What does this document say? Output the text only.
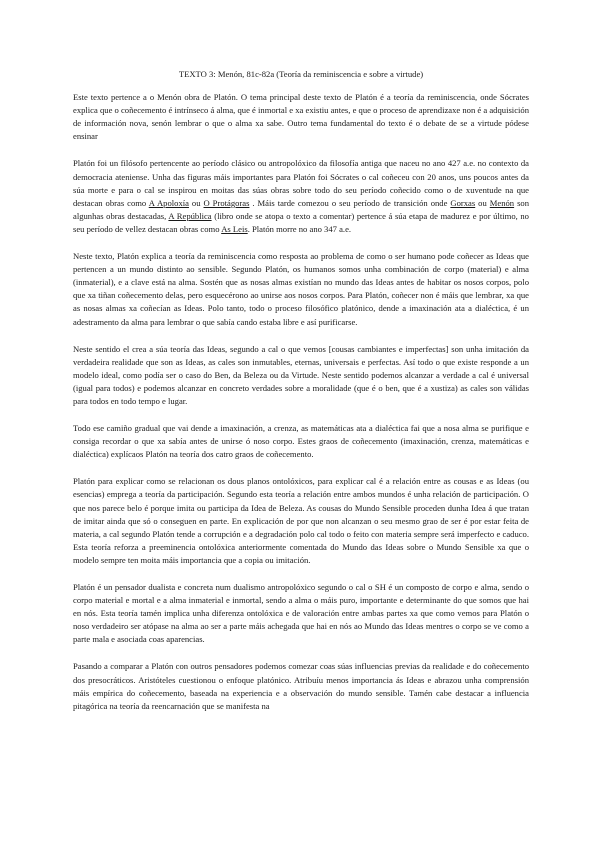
TEXTO 3: Menón, 81c-82a (Teoría da reminiscencia e sobre a virtude)

Este texto pertence a o Menón obra de Platón. O tema principal deste texto de Platón é a teoría da reminiscencia, onde Sócrates explica que o coñecemento é intrínseco á alma, que é inmortal e xa existiu antes, e que o proceso de aprendizaxe non é a adquisición de información nova, senón lembrar o que o alma xa sabe. Outro tema fundamental do texto é o debate de se a virtude pódese ensinar

Platón foi un filósofo pertencente ao período clásico ou antropolóxico da filosofía antiga que naceu no ano 427 a.e. no contexto da democracia ateniense. Unha das figuras máis importantes para Platón foi Sócrates o cal coñeceu con 20 anos, uns poucos antes da súa morte e para o cal se inspirou en moitas das súas obras sobre todo do seu período coñecido como o de xuventude na que destacan obras como A Apoloxía ou O Protágoras . Máis tarde comezou o seu período de transición onde Gorxas ou Menón son algunhas obras destacadas, A República (libro onde se atopa o texto a comentar) pertence á súa etapa de madurez e por último, no seu período de vellez destacan obras como As Leis. Platón morre no ano 347 a.e.

Neste texto, Platón explica a teoría da reminiscencia como resposta ao problema de como o ser humano pode coñecer as Ideas que pertencen a un mundo distinto ao sensible. Segundo Platón, os humanos somos unha combinación de corpo (material) e alma (inmaterial), e a clave está na alma. Sostén que as nosas almas existían no mundo das Ideas antes de habitar os nosos corpos, polo que xa tiñan coñecemento delas, pero esquecérono ao unirse aos nosos corpos. Para Platón, coñecer non é máis que lembrar, xa que as nosas almas xa coñecían as Ideas. Polo tanto, todo o proceso filosófico platónico, dende a imaxinación ata a dialéctica, é un adestramento da alma para lembrar o que sabía cando estaba libre e así purificarse.

Neste sentido el crea a súa teoría das Ideas, segundo a cal o que vemos [cousas cambiantes e imperfectas] son unha imitación da verdadeira realidade que son as Ideas, as cales son inmutables, eternas, universais e perfectas. Así todo o que existe responde a un modelo ideal, como podía ser o caso do Ben, da Beleza ou da Virtude. Neste sentido podemos alcanzar a verdade a cal é universal (igual para todos) e podemos alcanzar en concreto verdades sobre a moralidade (que é o ben, que é a xustiza) as cales son válidas para todos en todo tempo e lugar.

Todo ese camiño gradual que vai dende a imaxinación, a crenza, as matemáticas ata a dialéctica fai que a nosa alma se purifique e consiga recordar o que xa sabía antes de unirse ó noso corpo. Estes graos de coñecemento (imaxinación, crenza, matemáticas e dialéctica) explícaos Platón na teoría dos catro graos de coñecemento.

Platón para explicar como se relacionan os dous planos ontolóxicos, para explicar cal é a relación entre as cousas e as Ideas (ou esencias) emprega a teoría da participación. Segundo esta teoría a relación entre ambos mundos é unha relación de participación. O que nos parece belo é porque imita ou participa da Idea de Beleza. As cousas do Mundo Sensible proceden dunha Idea á que tratan de imitar ainda que só o conseguen en parte. En explicación de por que non alcanzan o seu mesmo grao de ser é por estar feita de materia, a cal segundo Platón tende a corrupción e a degradación polo cal todo o feito con materia sempre será imperfecto e caduco. Esta teoría reforza a preeminencia ontolóxica anteriormente comentada do Mundo das Ideas sobre o Mundo Sensible xa que o modelo sempre ten moita máis importancia que a copia ou imitación.

Platón é un pensador dualista e concreta num dualismo antropolóxico segundo o cal o SH é un composto de corpo e alma, sendo o corpo material e mortal e a alma inmaterial e inmortal, sendo a alma o máis puro, importante e determinante do que somos que hai en nós. Esta teoría tamén implica unha diferenza ontolóxica e de valoración entre ambas partes xa que como vemos para Platón o noso verdadeiro ser atópase na alma ao ser a parte máis achegada que hai en nós ao Mundo das Ideas mentres o corpo se ve como a parte mala e asociada coas aparencias.

Pasando a comparar a Platón con outros pensadores podemos comezar coas súas influencias previas da realidade e do coñecemento dos presocráticos. Aristóteles cuestionou o enfoque platónico. Atribuíu menos importancia ás Ideas e abrazou unha comprensión máis empírica do coñecemento, baseada na experiencia e a observación do mundo sensible. Tamén cabe destacar a influencia pitagórica na teoría da reencarnación que se manifesta na
